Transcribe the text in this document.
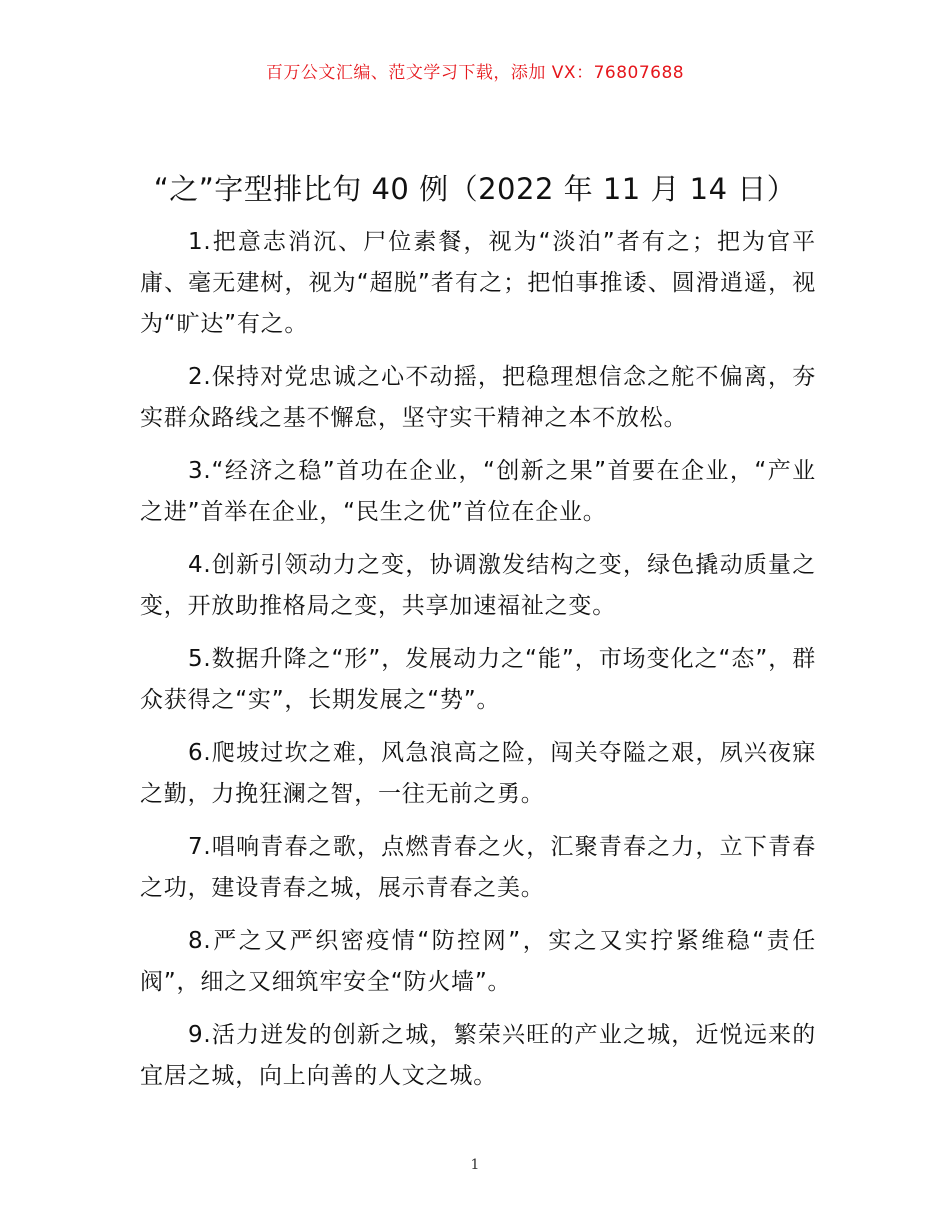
百万公文汇编、范文学习下载，添加 VX：76807688
“之”字型排比句 40 例（2022 年 11 月 14 日）

1.把意志消沉、尸位素餐，视为“淡泊”者有之；把为官平庸、毫无建树，视为“超脱”者有之；把怕事推诿、圆滑逍遥，视为“旷达”有之。

2.保持对党忠诚之心不动摇，把稳理想信念之舵不偏离，夯实群众路线之基不懈怠，坚守实干精神之本不放松。

3.“经济之稳”首功在企业，“创新之果”首要在企业，“产业之进”首举在企业，“民生之优”首位在企业。

4.创新引领动力之变，协调激发结构之变，绿色撬动质量之变，开放助推格局之变，共享加速福祉之变。

5.数据升降之“形”，发展动力之“能”，市场变化之“态”，群众获得之“实”，长期发展之“势”。

6.爬坡过坎之难，风急浪高之险，闯关夺隘之艰，夙兴夜寐之勤，力挽狂澜之智，一往无前之勇。

7.唱响青春之歌，点燃青春之火，汇聚青春之力，立下青春之功，建设青春之城，展示青春之美。

8.严之又严织密疫情“防控网”，实之又实拧紧维稳“责任阀”，细之又细筑牢安全“防火墙”。

9.活力迸发的创新之城，繁荣兴旺的产业之城，近悦远来的宜居之城，向上向善的人文之城。

1
